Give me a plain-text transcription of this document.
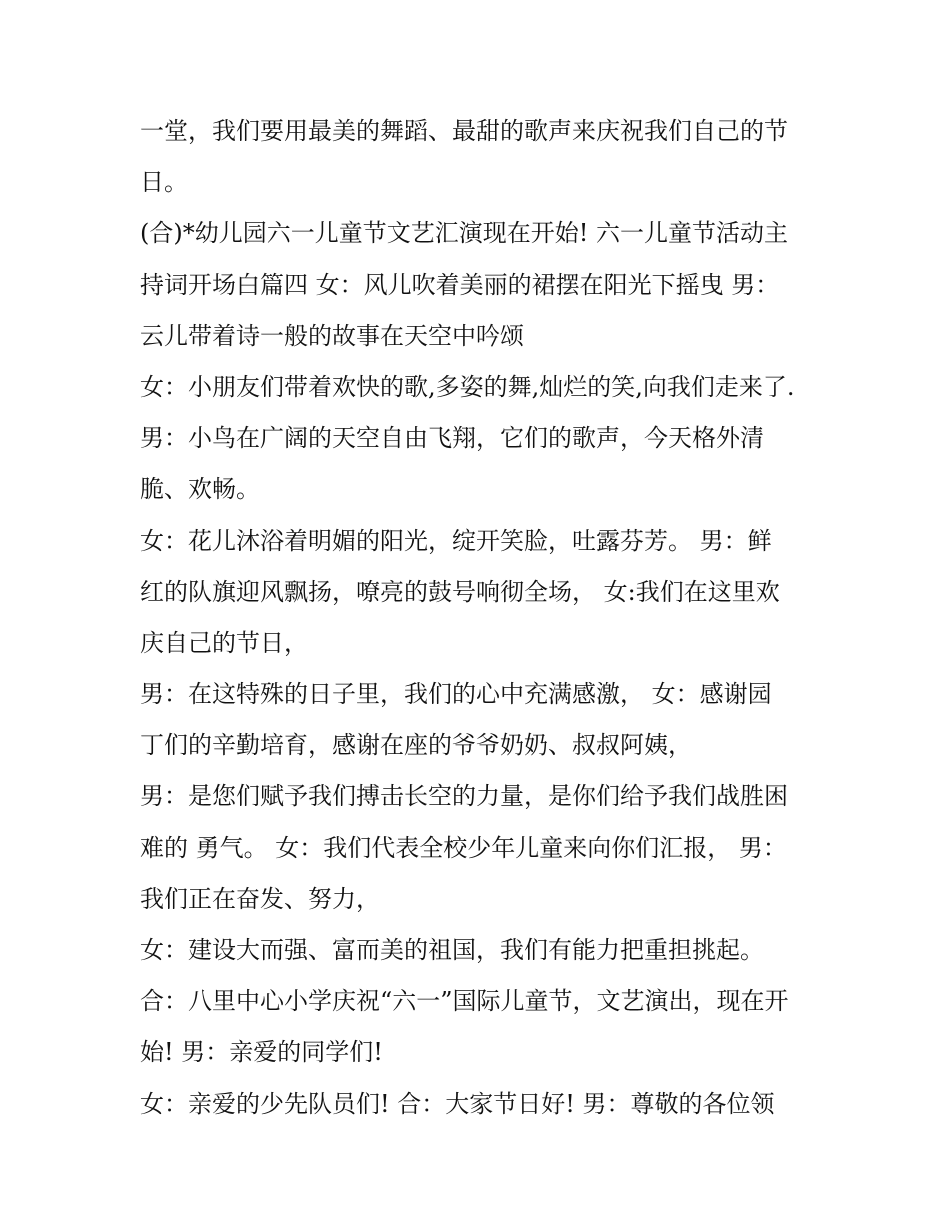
一堂，我们要用最美的舞蹈、最甜的歌声来庆祝我们自己的节
日。
(合)*幼儿园六一儿童节文艺汇演现在开始! 六一儿童节活动主
持词开场白篇四 女：风儿吹着美丽的裙摆在阳光下摇曳 男：
云儿带着诗一般的故事在天空中吟颂
女：小朋友们带着欢快的歌,多姿的舞,灿烂的笑,向我们走来了.
男：小鸟在广阔的天空自由飞翔，它们的歌声，今天格外清
脆、欢畅。
女：花儿沐浴着明媚的阳光，绽开笑脸，吐露芬芳。 男：鲜
红的队旗迎风飘扬，嘹亮的鼓号响彻全场， 女:我们在这里欢
庆自己的节日，
男：在这特殊的日子里，我们的心中充满感激， 女：感谢园
丁们的辛勤培育，感谢在座的爷爷奶奶、叔叔阿姨，
男：是您们赋予我们搏击长空的力量，是你们给予我们战胜困
难的 勇气。 女：我们代表全校少年儿童来向你们汇报， 男：
我们正在奋发、努力，
女：建设大而强、富而美的祖国，我们有能力把重担挑起。
合：八里中心小学庆祝“六一”国际儿童节，文艺演出，现在开
始! 男：亲爱的同学们!
女：亲爱的少先队员们! 合：大家节日好! 男：尊敬的各位领
